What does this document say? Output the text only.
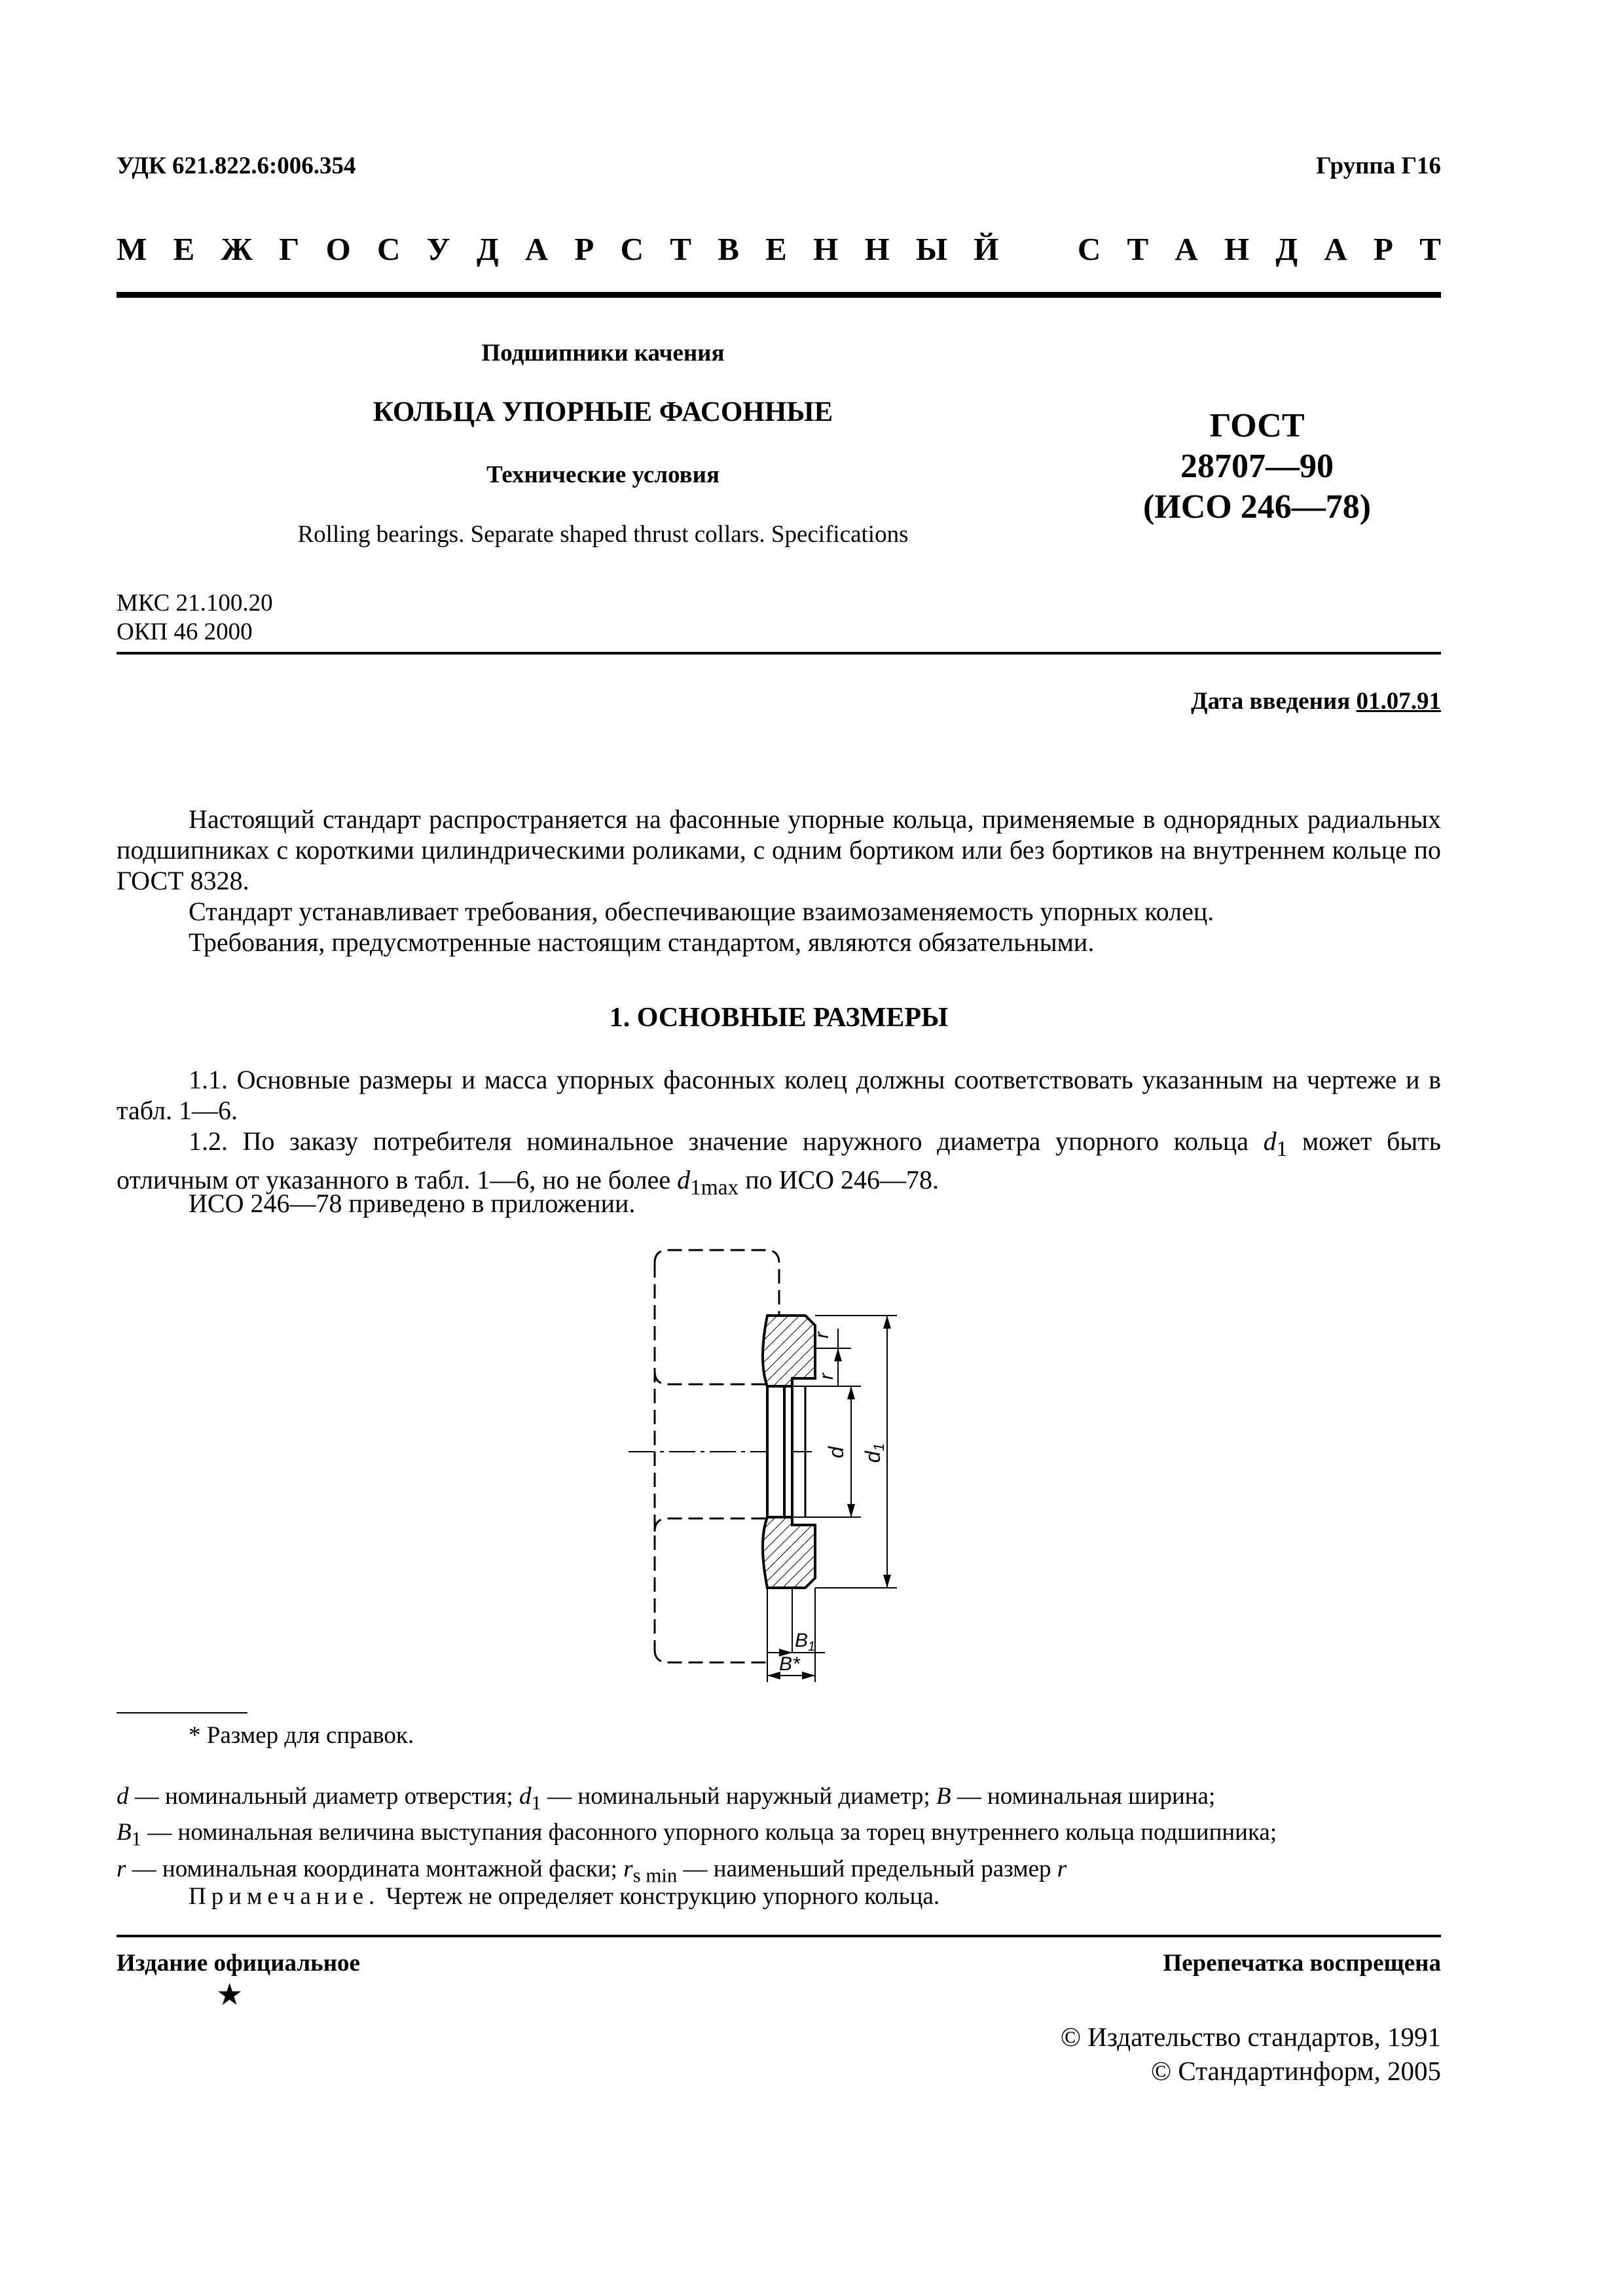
УДК 621.822.6:006.354	Группа Г16
М Е Ж Г О С У Д А Р С Т В Е Н Н Ы Й С Т А Н Д А Р Т
Подшипники качения
КОЛЬЦА УПОРНЫЕ ФАСОННЫЕ
Технические условия
Rolling bearings. Separate shaped thrust collars. Specifications
ГОСТ
28707—90
(ИСО 246—78)
МКС 21.100.20
ОКП 46 2000
Дата введения 01.07.91
Настоящий стандарт распространяется на фасонные упорные кольца, применяемые в однорядных радиальных подшипниках с короткими цилиндрическими роликами, с одним бортиком или без бортиков на внутреннем кольце по ГОСТ 8328.
Стандарт устанавливает требования, обеспечивающие взаимозаменяемость упорных колец.
Требования, предусмотренные настоящим стандартом, являются обязательными.
1. ОСНОВНЫЕ РАЗМЕРЫ
1.1. Основные размеры и масса упорных фасонных колец должны соответствовать указанным на чертеже и в табл. 1—6.
1.2. По заказу потребителя номинальное значение наружного диаметра упорного кольца $d_1$ может быть отличным от указанного в табл. 1—6, но не более $d_{1max}$ по ИСО 246—78.
ИСО 246—78 приведено в приложении.
r
r
d d1
$B_1$
B*
* Размер для справок.
d — номинальный диаметр отверстия; $d_1$ — номинальный наружный диаметр; B — номинальная ширина;
$B_1$ — номинальная величина выступания фасонного упорного кольца за торец внутреннего кольца подшипника;
r — номинальная координата монтажной фаски; $r_{s min}$ — наименьший предельный размер r
Примечание. Чертеж не определяет конструкцию упорного кольца.
Издание официальное	Перепечатка воспрещена
★
© Издательство стандартов, 1991
© Стандартинформ, 2005
